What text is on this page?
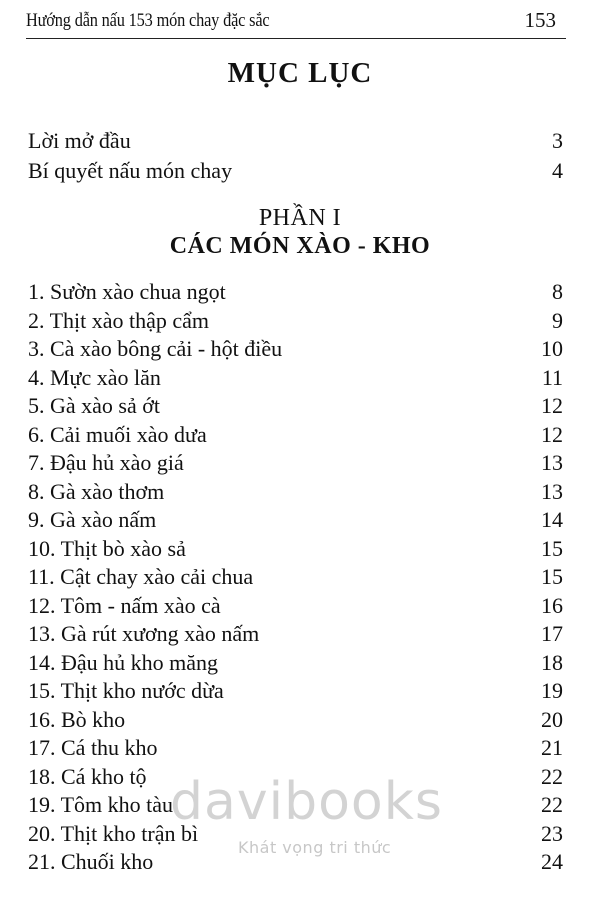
Hướng dẫn nấu 153 món chay đặc sắc	153
MỤC LỤC
Lời mở đầu	3
Bí quyết nấu món chay	4
PHẦN I
CÁC MÓN XÀO - KHO
1. Sườn xào chua ngọt	8
2. Thịt xào thập cẩm	9
3. Cà xào bông cải - hột điều	10
4. Mực xào lăn	11
5. Gà xào sả ớt	12
6. Cải muối xào dưa	12
7. Đậu hủ xào giá	13
8. Gà xào thơm	13
9. Gà xào nấm	14
10. Thịt bò xào sả	15
11. Cật chay xào cải chua	15
12. Tôm - nấm xào cà	16
13. Gà rút xương xào nấm	17
14. Đậu hủ kho măng	18
15. Thịt kho nước dừa	19
16. Bò kho	20
17. Cá thu kho	21
18. Cá kho tộ	22
19. Tôm kho tàu	22
20. Thịt kho trận bì	23
21. Chuối kho	24
davibooks
Khát vọng tri thức
